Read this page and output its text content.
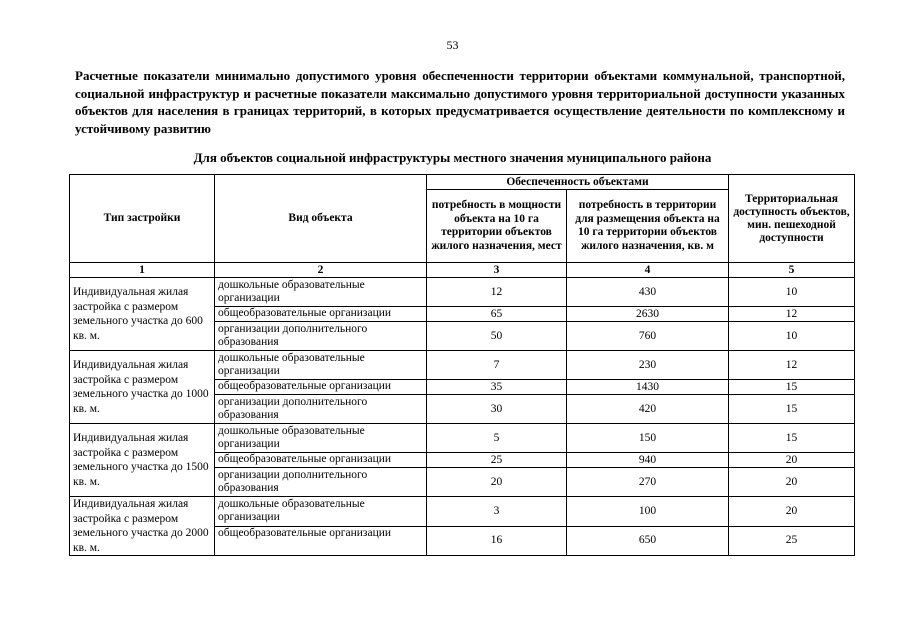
53

Расчетные показатели минимально допустимого уровня обеспеченности территории объектами коммунальной, транспортной, социальной инфраструктур и расчетные показатели максимально допустимого уровня территориальной доступности указанных объектов для населения в границах территорий, в которых предусматривается осуществление деятельности по комплексному и устойчивому развитию

Для объектов социальной инфраструктуры местного значения муниципального района

Тип застройки	Вид объекта	Обеспеченность объектами		Территориальная доступность объектов, мин. пешеходной доступности
		потребность в мощности объекта на 10 га территории объектов жилого назначения, мест	потребность в территории для размещения объекта на 10 га территории объектов жилого назначения, кв. м	
1	2	3	4	5
Индивидуальная жилая застройка с размером земельного участка до 600 кв. м.	дошкольные образовательные организации	12	430	10
	общеобразовательные организации	65	2630	12
	организации дополнительного образования	50	760	10
Индивидуальная жилая застройка с размером земельного участка до 1000 кв. м.	дошкольные образовательные организации	7	230	12
	общеобразовательные организации	35	1430	15
	организации дополнительного образования	30	420	15
Индивидуальная жилая застройка с размером земельного участка до 1500 кв. м.	дошкольные образовательные организации	5	150	15
	общеобразовательные организации	25	940	20
	организации дополнительного образования	20	270	20
Индивидуальная жилая застройка с размером земельного участка до 2000 кв. м.	дошкольные образовательные организации	3	100	20
	общеобразовательные организации	16	650	25
